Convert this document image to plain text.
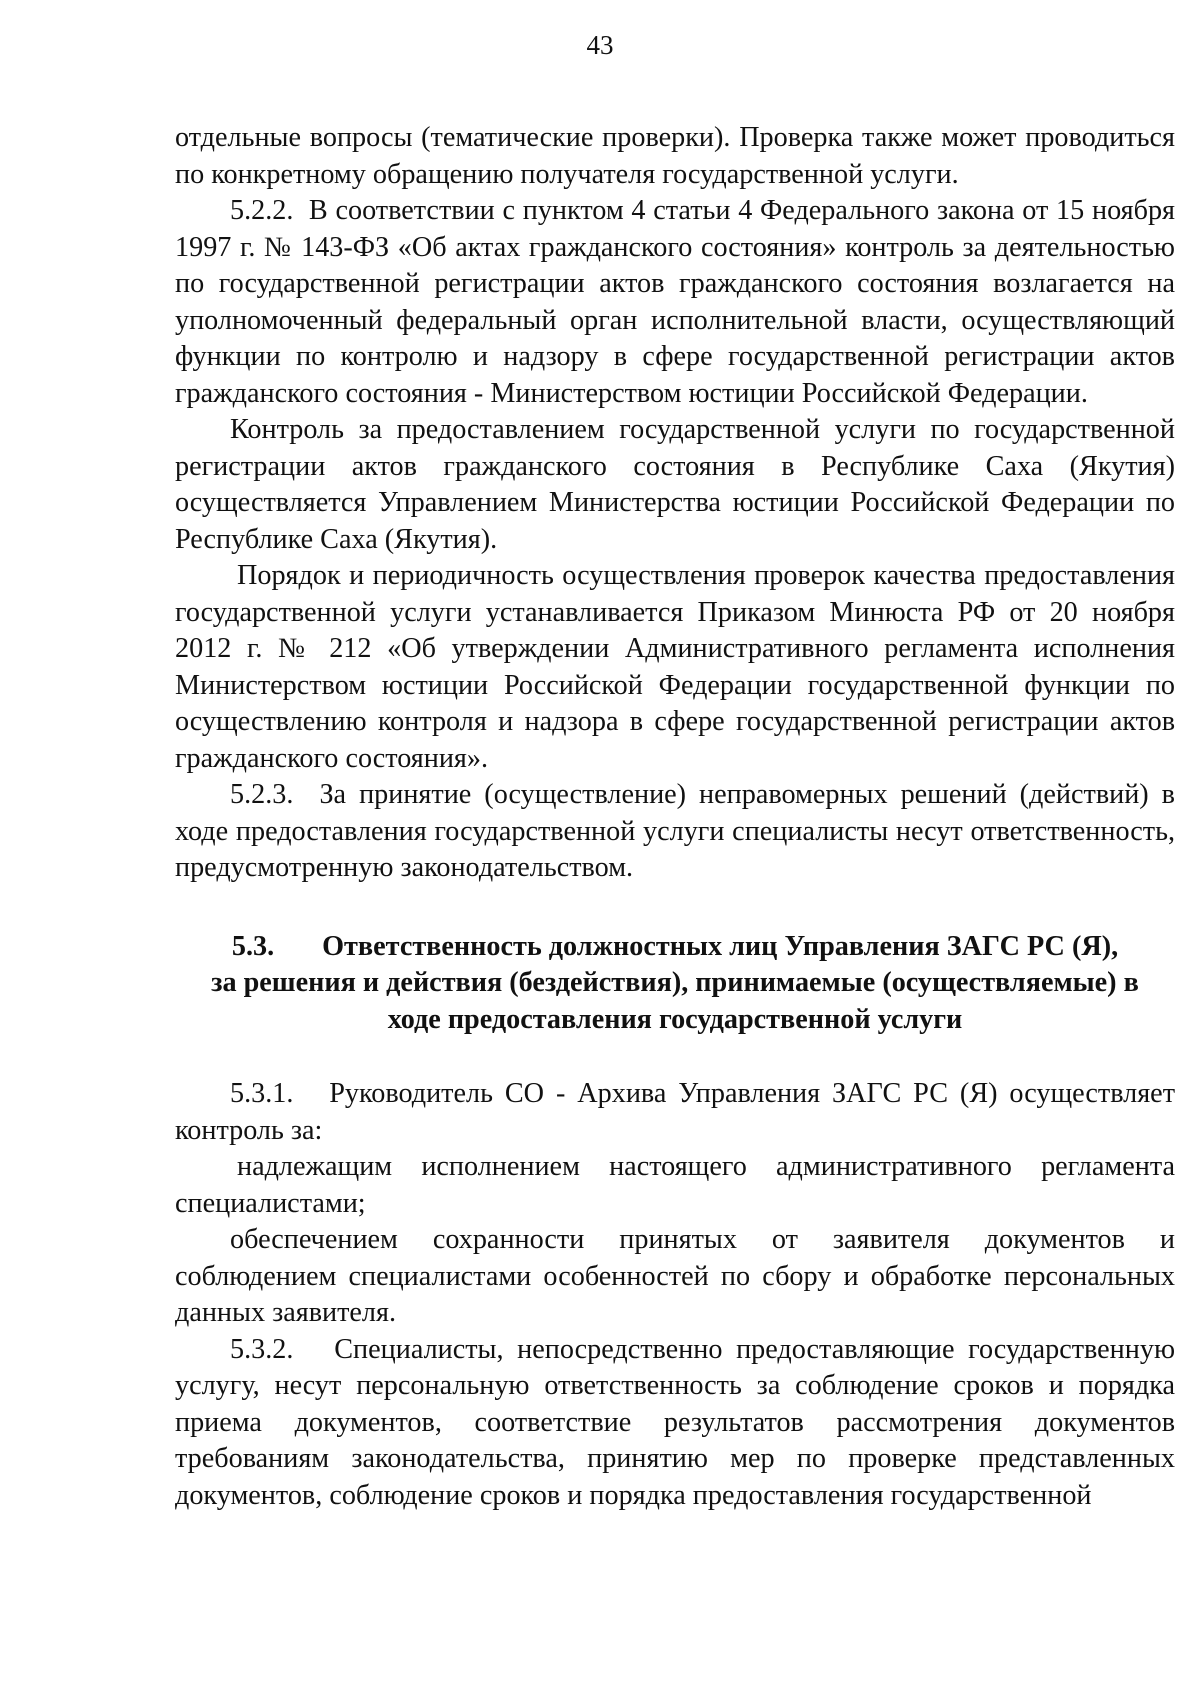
43

отдельные вопросы (тематические проверки). Проверка также может проводиться по конкретному обращению получателя государственной услуги.

5.2.2. В соответствии с пунктом 4 статьи 4 Федерального закона от 15 ноября 1997 г. № 143-ФЗ «Об актах гражданского состояния» контроль за деятельностью по государственной регистрации актов гражданского состояния возлагается на уполномоченный федеральный орган исполнительной власти, осуществляющий функции по контролю и надзору в сфере государственной регистрации актов гражданского состояния - Министерством юстиции Российской Федерации.

Контроль за предоставлением государственной услуги по государственной регистрации актов гражданского состояния в Республике Саха (Якутия) осуществляется Управлением Министерства юстиции Российской Федерации по Республике Саха (Якутия).

Порядок и периодичность осуществления проверок качества предоставления государственной услуги устанавливается Приказом Минюста РФ от 20 ноября 2012 г. № 212 «Об утверждении Административного регламента исполнения Министерством юстиции Российской Федерации государственной функции по осуществлению контроля и надзора в сфере государственной регистрации актов гражданского состояния».

5.2.3. За принятие (осуществление) неправомерных решений (действий) в ходе предоставления государственной услуги специалисты несут ответственность, предусмотренную законодательством.

5.3. Ответственность должностных лиц Управления ЗАГС РС (Я),
за решения и действия (бездействия), принимаемые (осуществляемые) в
ходе предоставления государственной услуги

5.3.1. Руководитель СО - Архива Управления ЗАГС РС (Я) осуществляет контроль за:

надлежащим исполнением настоящего административного регламента специалистами;

обеспечением сохранности принятых от заявителя документов и соблюдением специалистами особенностей по сбору и обработке персональных данных заявителя.

5.3.2. Специалисты, непосредственно предоставляющие государственную услугу, несут персональную ответственность за соблюдение сроков и порядка приема документов, соответствие результатов рассмотрения документов требованиям законодательства, принятию мер по проверке представленных документов, соблюдение сроков и порядка предоставления государственной
